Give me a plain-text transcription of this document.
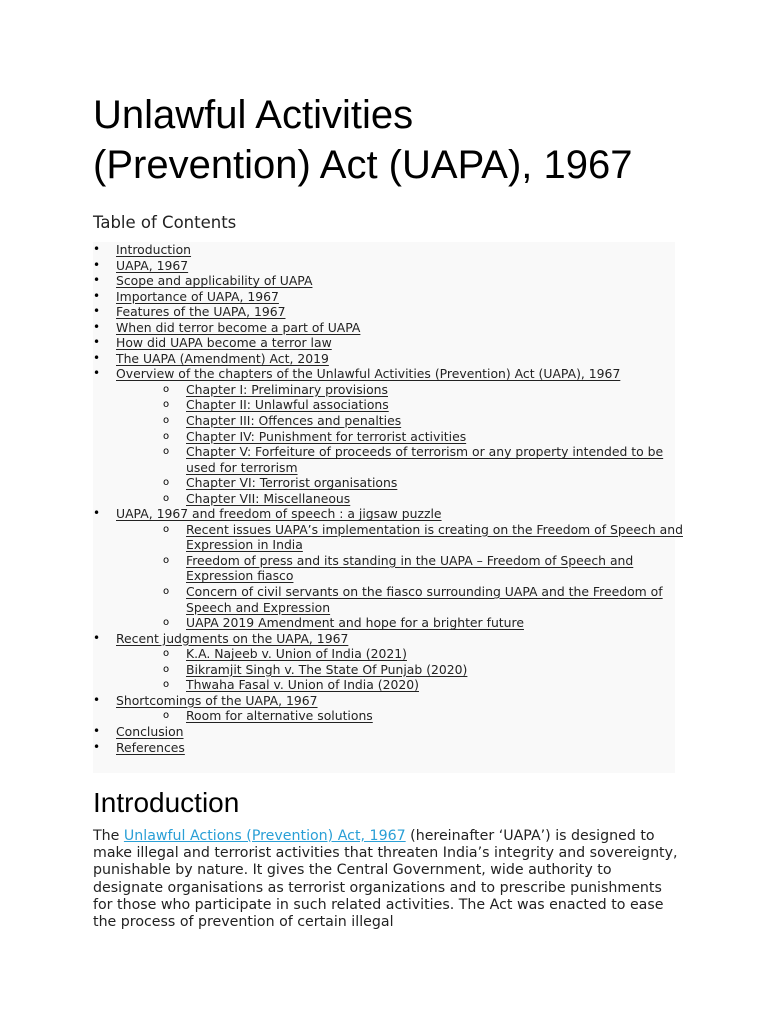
Unlawful Activities
(Prevention) Act (UAPA), 1967
Table of Contents
•	Introduction
•	UAPA, 1967
•	Scope and applicability of UAPA
•	Importance of UAPA, 1967
•	Features of the UAPA, 1967
•	When did terror become a part of UAPA
•	How did UAPA become a terror law
•	The UAPA (Amendment) Act, 2019
•	Overview of the chapters of the Unlawful Activities (Prevention) Act (UAPA), 1967
o	Chapter I: Preliminary provisions
o	Chapter II: Unlawful associations
o	Chapter III: Offences and penalties
o	Chapter IV: Punishment for terrorist activities
o	Chapter V: Forfeiture of proceeds of terrorism or any property intended to be used for terrorism
o	Chapter VI: Terrorist organisations
o	Chapter VII: Miscellaneous
•	UAPA, 1967 and freedom of speech : a jigsaw puzzle
o	Recent issues UAPA’s implementation is creating on the Freedom of Speech and Expression in India
o	Freedom of press and its standing in the UAPA – Freedom of Speech and Expression fiasco
o	Concern of civil servants on the fiasco surrounding UAPA and the Freedom of Speech and Expression
o	UAPA 2019 Amendment and hope for a brighter future
•	Recent judgments on the UAPA, 1967
o	K.A. Najeeb v. Union of India (2021)
o	Bikramjit Singh v. The State Of Punjab (2020)
o	Thwaha Fasal v. Union of India (2020)
•	Shortcomings of the UAPA, 1967
o	Room for alternative solutions
•	Conclusion
•	References
Introduction

The Unlawful Actions (Prevention) Act, 1967 (hereinafter ‘UAPA’) is designed to make illegal and terrorist activities that threaten India’s integrity and sovereignty, punishable by nature. It gives the Central Government, wide authority to designate organisations as terrorist organizations and to prescribe punishments for those who participate in such related activities. The Act was enacted to ease the process of prevention of certain illegal
